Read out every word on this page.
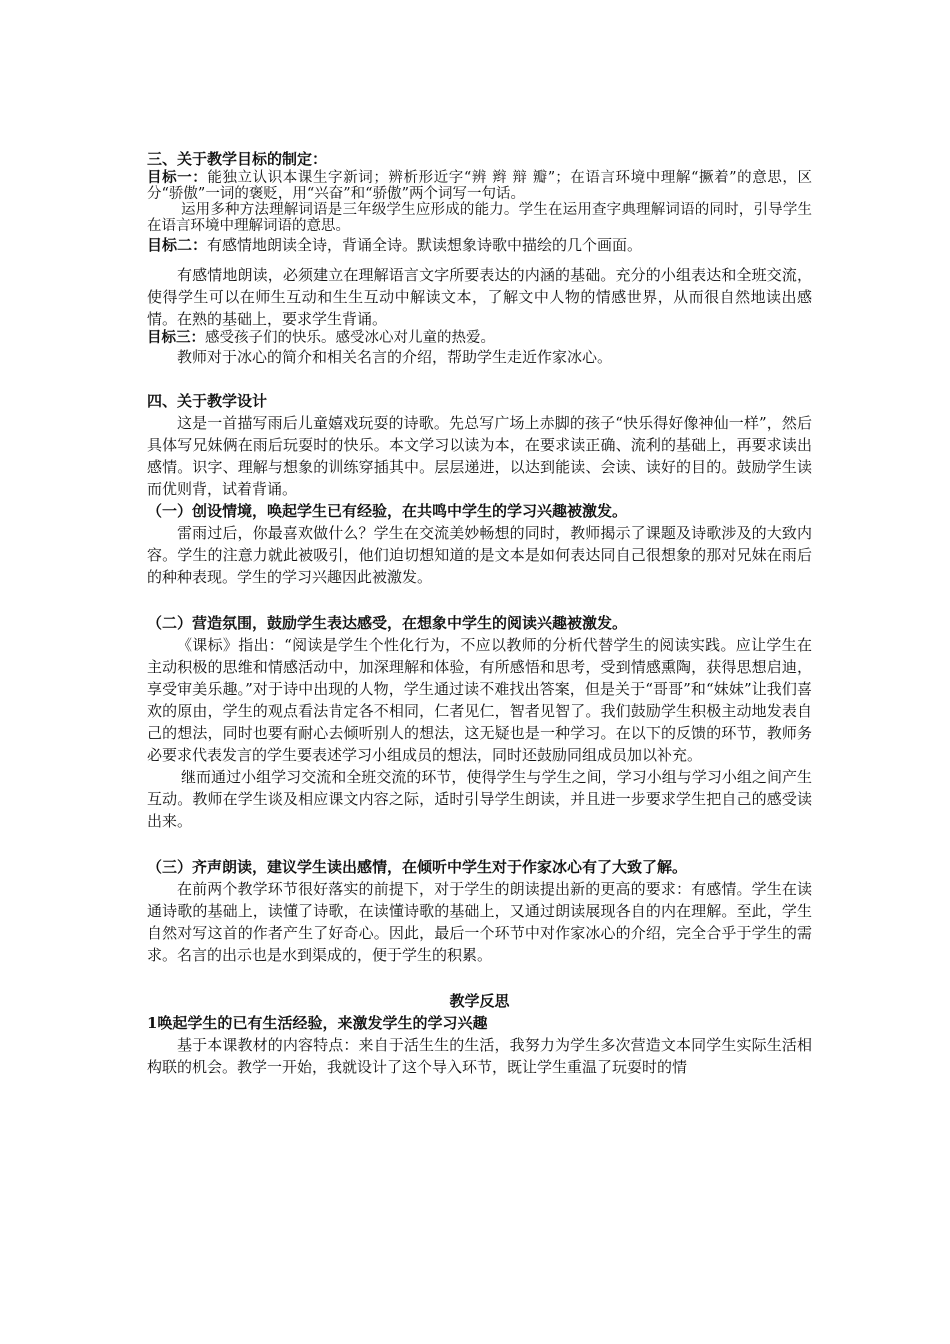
三、关于教学目标的制定：

目标一：能独立认识本课生字新词；辨析形近字“辨 辫 辩 瓣”；在语言环境中理解“撅着”的意思，区分“骄傲”一词的褒贬，用“兴奋”和“骄傲”两个词写一句话。

运用多种方法理解词语是三年级学生应形成的能力。学生在运用查字典理解词语的同时，引导学生在语言环境中理解词语的意思。

目标二：有感情地朗读全诗，背诵全诗。默读想象诗歌中描绘的几个画面。

有感情地朗读，必须建立在理解语言文字所要表达的内涵的基础。充分的小组表达和全班交流，使得学生可以在师生互动和生生互动中解读文本，了解文中人物的情感世界，从而很自然地读出感情。在熟的基础上，要求学生背诵。

目标三：感受孩子们的快乐。感受冰心对儿童的热爱。

教师对于冰心的简介和相关名言的介绍，帮助学生走近作家冰心。

四、关于教学设计

这是一首描写雨后儿童嬉戏玩耍的诗歌。先总写广场上赤脚的孩子“快乐得好像神仙一样”，然后具体写兄妹俩在雨后玩耍时的快乐。本文学习以读为本，在要求读正确、流利的基础上，再要求读出感情。识字、理解与想象的训练穿插其中。层层递进，以达到能读、会读、读好的目的。鼓励学生读而优则背，试着背诵。

（一）创设情境，唤起学生已有经验，在共鸣中学生的学习兴趣被激发。

雷雨过后，你最喜欢做什么？学生在交流美妙畅想的同时，教师揭示了课题及诗歌涉及的大致内容。学生的注意力就此被吸引，他们迫切想知道的是文本是如何表达同自己很想象的那对兄妹在雨后的种种表现。学生的学习兴趣因此被激发。

（二）营造氛围，鼓励学生表达感受，在想象中学生的阅读兴趣被激发。

《课标》指出：“阅读是学生个性化行为，不应以教师的分析代替学生的阅读实践。应让学生在主动积极的思维和情感活动中，加深理解和体验，有所感悟和思考，受到情感熏陶，获得思想启迪，享受审美乐趣。”对于诗中出现的人物，学生通过读不难找出答案，但是关于“哥哥”和“妹妹”让我们喜欢的原由，学生的观点看法肯定各不相同，仁者见仁，智者见智了。我们鼓励学生积极主动地发表自己的想法，同时也要有耐心去倾听别人的想法，这无疑也是一种学习。在以下的反馈的环节，教师务必要求代表发言的学生要表述学习小组成员的想法，同时还鼓励同组成员加以补充。

继而通过小组学习交流和全班交流的环节，使得学生与学生之间，学习小组与学习小组之间产生互动。教师在学生谈及相应课文内容之际，适时引导学生朗读，并且进一步要求学生把自己的感受读出来。

（三）齐声朗读，建议学生读出感情，在倾听中学生对于作家冰心有了大致了解。

在前两个教学环节很好落实的前提下，对于学生的朗读提出新的更高的要求：有感情。学生在读通诗歌的基础上，读懂了诗歌，在读懂诗歌的基础上，又通过朗读展现各自的内在理解。至此，学生自然对写这首的作者产生了好奇心。因此，最后一个环节中对作家冰心的介绍，完全合乎于学生的需求。名言的出示也是水到渠成的，便于学生的积累。

教学反思

1唤起学生的已有生活经验，来激发学生的学习兴趣

基于本课教材的内容特点：来自于活生生的生活，我努力为学生多次营造文本同学生实际生活相构联的机会。教学一开始，我就设计了这个导入环节，既让学生重温了玩耍时的情
